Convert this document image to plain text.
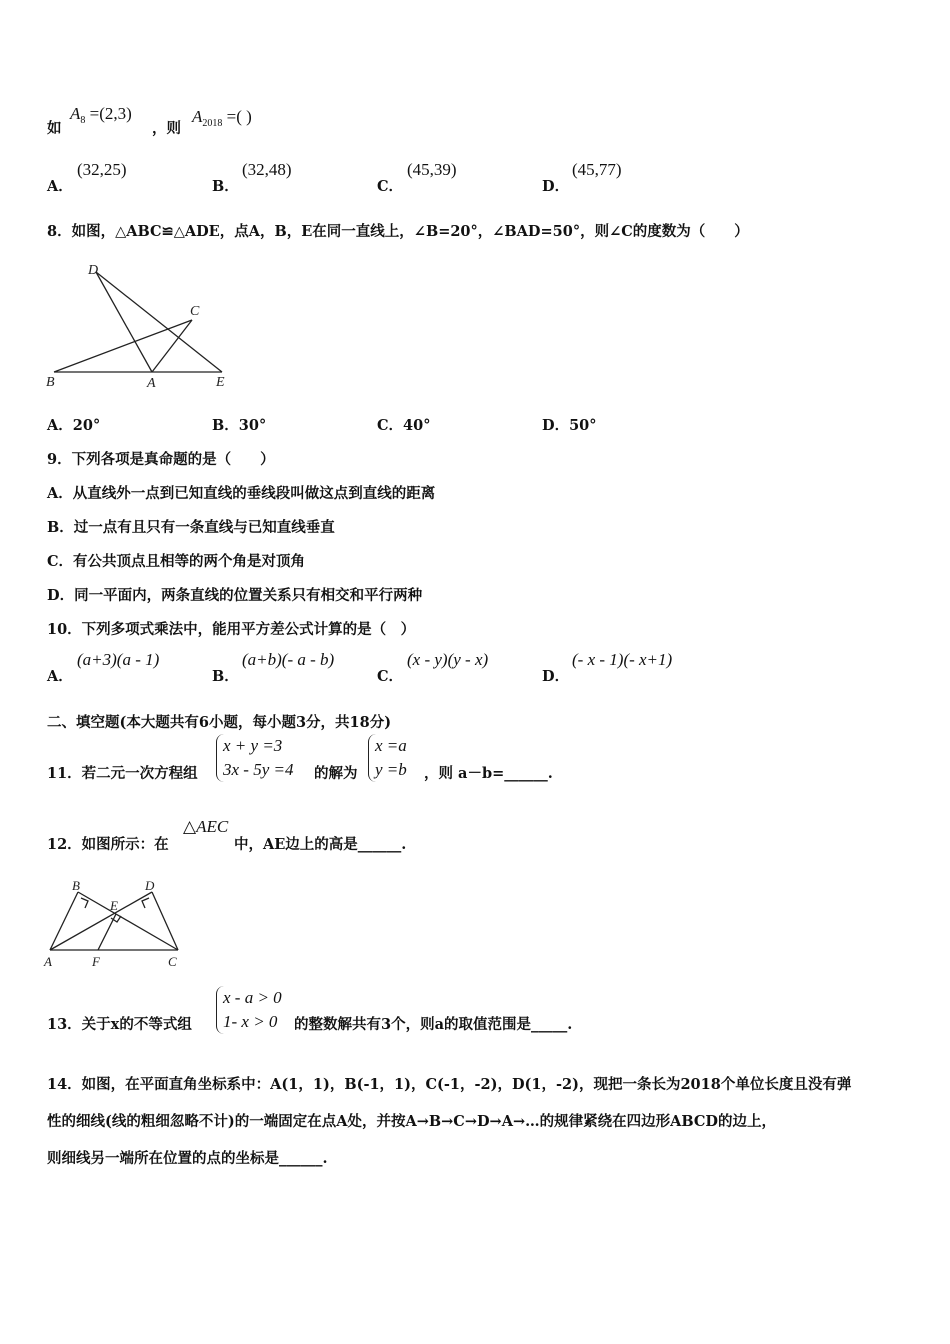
如
$A_8 =(2,3)$
，则
$A_{2018}$ =( )
A．
(32,25)
B．
(32,48)
C．
(45,39)
D．
(45,77)
8．如图，△ABC≌△ADE，点A，B，E在同一直线上，∠B=20°，∠BAD=50°，则∠C的度数为（　　）
D
C
B	A	E
A．20°	B．30°	C．40°	D．50°
9．下列各项是真命题的是（　　）
A．从直线外一点到已知直线的垂线段叫做这点到直线的距离
B．过一点有且只有一条直线与已知直线垂直
C．有公共顶点且相等的两个角是对顶角
D．同一平面内，两条直线的位置关系只有相交和平行两种
10．下列多项式乘法中，能用平方差公式计算的是（　）
A．
(a+3)(a - 1)
B．
(a+b)(- a - b)
C．
(x - y)(y - x)
D．
(- x - 1)(- x+1)
二、填空题(本大题共有6小题，每小题3分，共18分)
11．若二元一次方程组
x + y =3
3x - 5y =4 的解为
x =a
y =b ，则 a－b=______.
12．如图所示：在
△AEC
中，AE边上的高是______.
B	D
E
A	F	C
13．关于x的不等式组
x - a > 0
1- x > 0 的整数解共有3个，则a的取值范围是_____.
14．如图，在平面直角坐标系中：A(1，1)，B(-1，1)，C(-1，-2)，D(1，-2)，现把一条长为2018个单位长度且没有弹
性的细线(线的粗细忽略不计)的一端固定在点A处，并按A→B→C→D→A→…的规律紧绕在四边形ABCD的边上，
则细线另一端所在位置的点的坐标是______.
